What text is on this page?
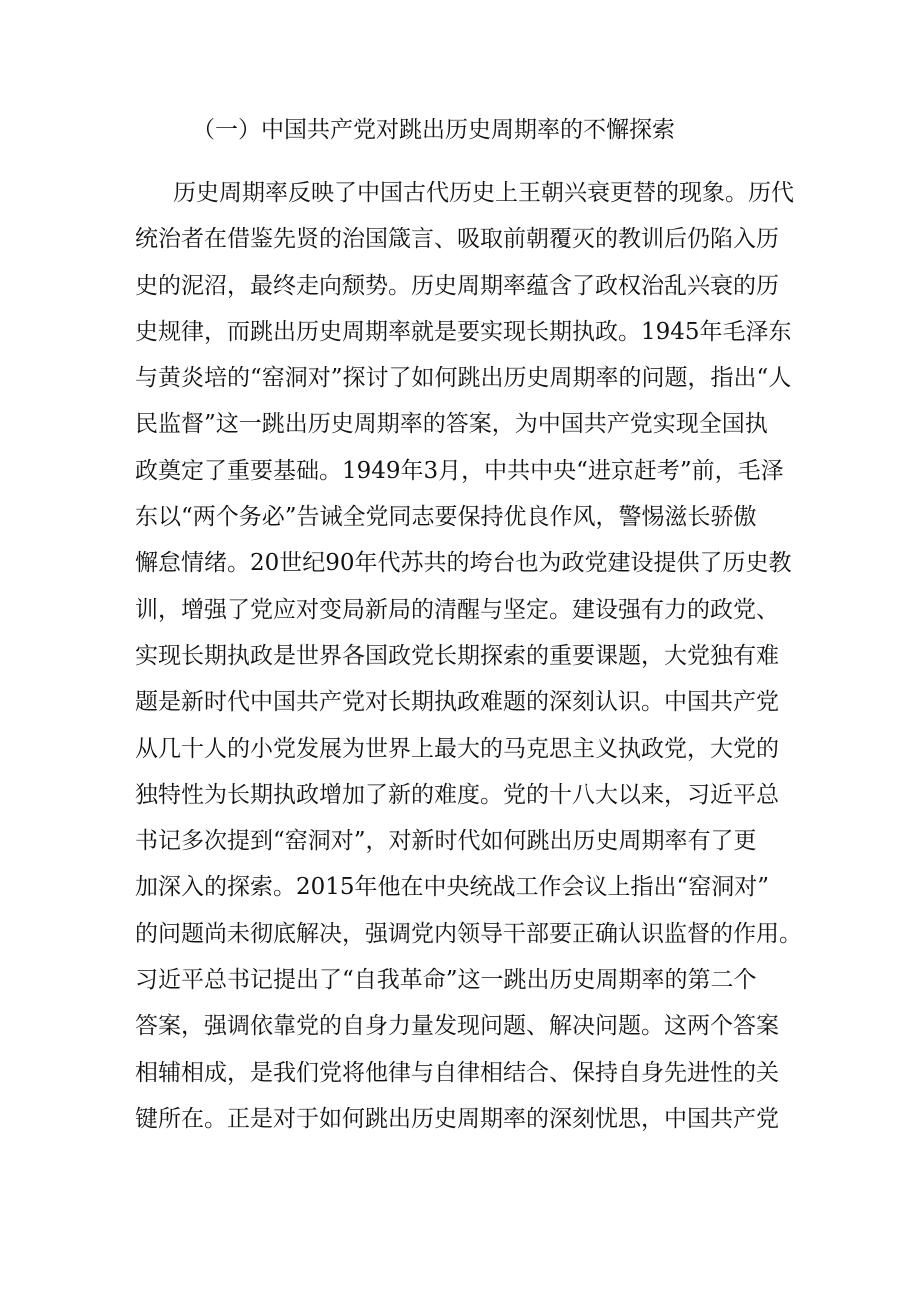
（一）中国共产党对跳出历史周期率的不懈探索
历史周期率反映了中国古代历史上王朝兴衰更替的现象。历代
统治者在借鉴先贤的治国箴言、吸取前朝覆灭的教训后仍陷入历
史的泥沼，最终走向颓势。历史周期率蕴含了政权治乱兴衰的历
史规律，而跳出历史周期率就是要实现长期执政。1945年毛泽东
与黄炎培的“窑洞对”探讨了如何跳出历史周期率的问题，指出“人
民监督”这一跳出历史周期率的答案，为中国共产党实现全国执
政奠定了重要基础。1949年3月，中共中央“进京赶考”前，毛泽
东以“两个务必”告诫全党同志要保持优良作风，警惕滋长骄傲
懈怠情绪。20世纪90年代苏共的垮台也为政党建设提供了历史教
训，增强了党应对变局新局的清醒与坚定。建设强有力的政党、
实现长期执政是世界各国政党长期探索的重要课题，大党独有难
题是新时代中国共产党对长期执政难题的深刻认识。中国共产党
从几十人的小党发展为世界上最大的马克思主义执政党，大党的
独特性为长期执政增加了新的难度。党的十八大以来，习近平总
书记多次提到“窑洞对”，对新时代如何跳出历史周期率有了更
加深入的探索。2015年他在中央统战工作会议上指出“窑洞对”
的问题尚未彻底解决，强调党内领导干部要正确认识监督的作用。
习近平总书记提出了“自我革命”这一跳出历史周期率的第二个
答案，强调依靠党的自身力量发现问题、解决问题。这两个答案
相辅相成，是我们党将他律与自律相结合、保持自身先进性的关
键所在。正是对于如何跳出历史周期率的深刻忧思，中国共产党
